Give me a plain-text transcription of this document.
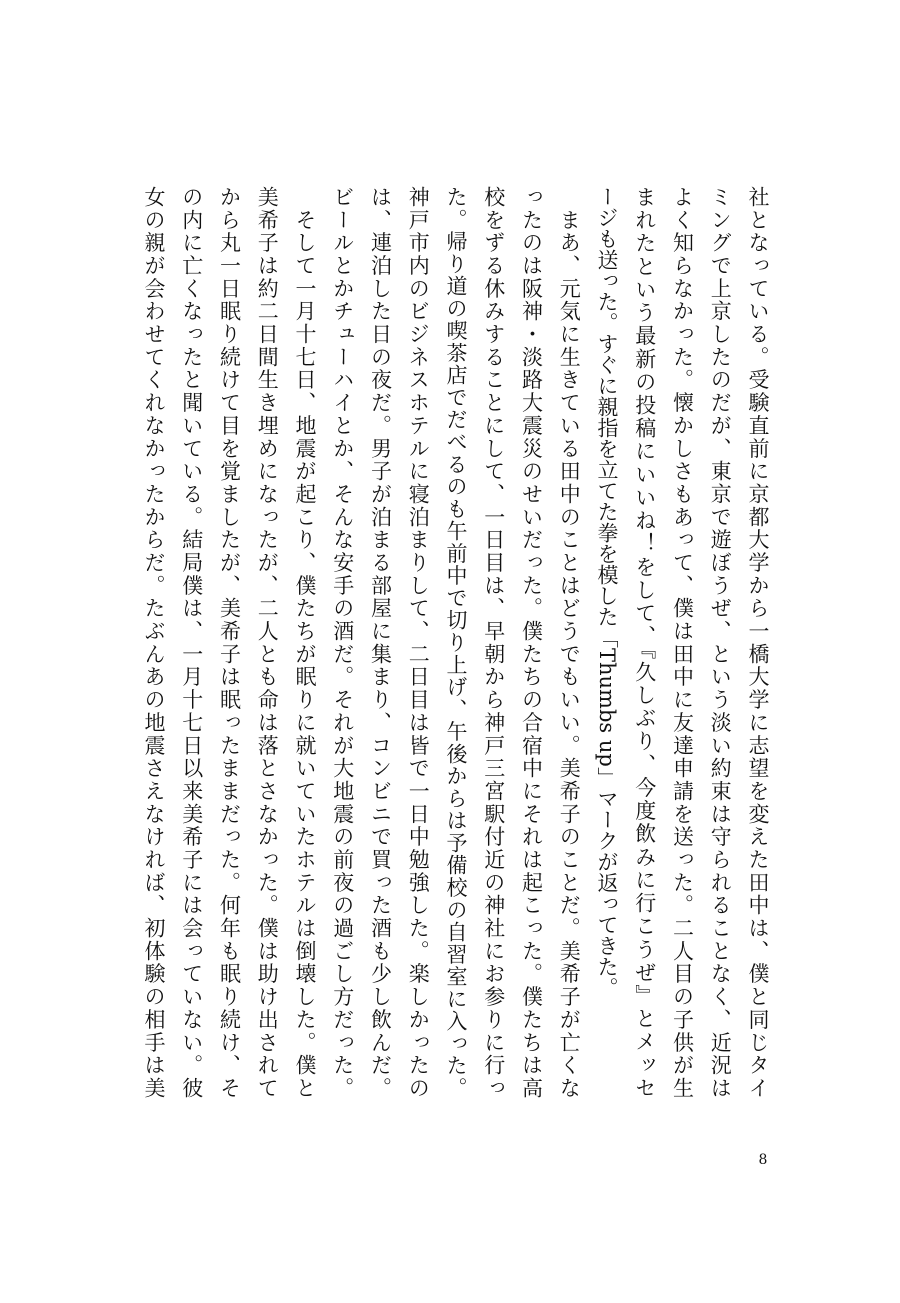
社となっている。受験直前に京都大学から一橋大学に志望を変えた田中は、僕と同じタイ
ミングで上京したのだが、東京で遊ぼうぜ、という淡い約束は守られることなく、近況は
よく知らなかった。懐かしさもあって、僕は田中に友達申請を送った。二人目の子供が生
まれたという最新の投稿にいいね！をして、『久しぶり、今度飲みに行こうぜ』とメッセ
ージも送った。すぐに親指を立てた拳を模した「Thumbs up」マークが返ってきた。
　まあ、元気に生きている田中のことはどうでもいい。美希子のことだ。美希子が亡くな
ったのは阪神・淡路大震災のせいだった。僕たちの合宿中にそれは起こった。僕たちは高
校をずる休みすることにして、一日目は、早朝から神戸三宮駅付近の神社にお参りに行っ
た。帰り道の喫茶店でだべるのも午前中で切り上げ、午後からは予備校の自習室に入った。
神戸市内のビジネスホテルに寝泊まりして、二日目は皆で一日中勉強した。楽しかったの
は、連泊した日の夜だ。男子が泊まる部屋に集まり、コンビニで買った酒も少し飲んだ。
ビールとかチューハイとか、そんな安手の酒だ。それが大地震の前夜の過ごし方だった。
　そして一月十七日、地震が起こり、僕たちが眠りに就いていたホテルは倒壊した。僕と
美希子は約二日間生き埋めになったが、二人とも命は落とさなかった。僕は助け出されて
から丸一日眠り続けて目を覚ましたが、美希子は眠ったままだった。何年も眠り続け、そ
の内に亡くなったと聞いている。結局僕は、一月十七日以来美希子には会っていない。彼
女の親が会わせてくれなかったからだ。たぶんあの地震さえなければ、初体験の相手は美
8
